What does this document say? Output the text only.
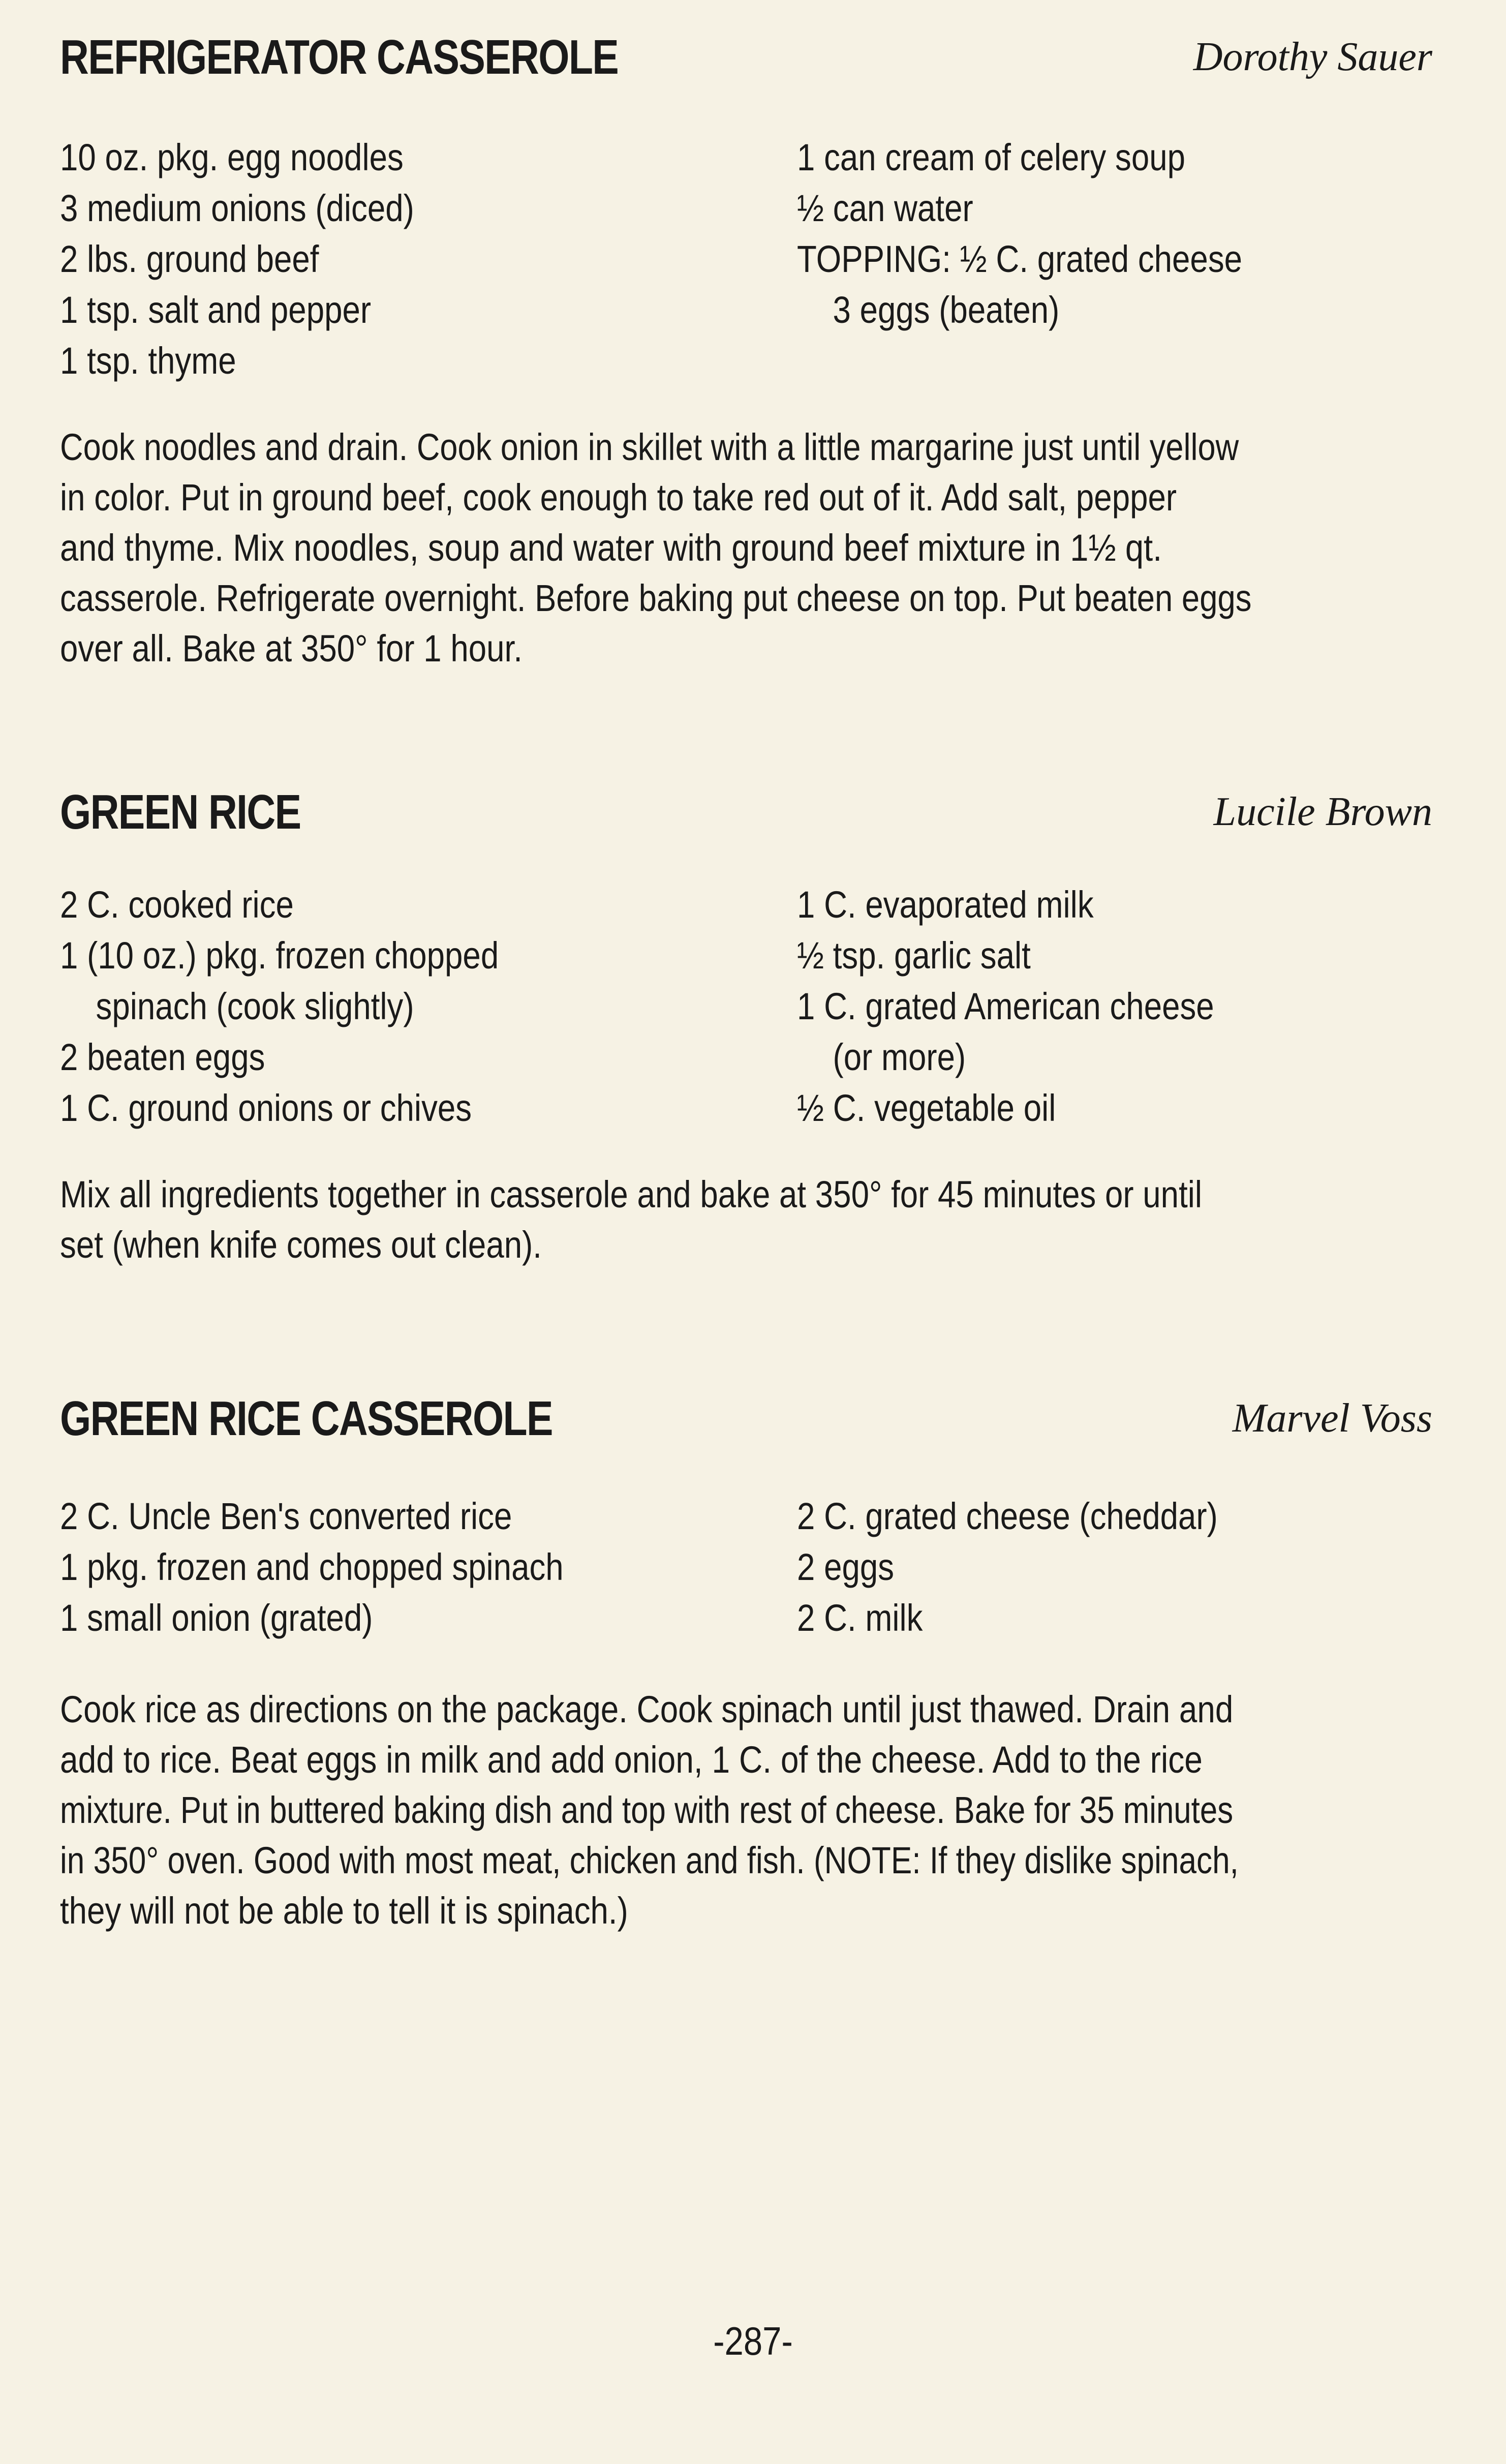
REFRIGERATOR CASSEROLE	Dorothy Sauer
10 oz. pkg. egg noodles
3 medium onions (diced)
2 lbs. ground beef
1 tsp. salt and pepper
1 tsp. thyme
1 can cream of celery soup
½ can water
TOPPING: ½ C. grated cheese
3 eggs (beaten)
Cook noodles and drain. Cook onion in skillet with a little margarine just until yellow
in color. Put in ground beef, cook enough to take red out of it. Add salt, pepper
and thyme. Mix noodles, soup and water with ground beef mixture in 1½ qt.
casserole. Refrigerate overnight. Before baking put cheese on top. Put beaten eggs
over all. Bake at 350° for 1 hour.
GREEN RICE	Lucile Brown
2 C. cooked rice
1 (10 oz.) pkg. frozen chopped
spinach (cook slightly)
2 beaten eggs
1 C. ground onions or chives
1 C. evaporated milk
½ tsp. garlic salt
1 C. grated American cheese
(or more)
½ C. vegetable oil
Mix all ingredients together in casserole and bake at 350° for 45 minutes or until
set (when knife comes out clean).
GREEN RICE CASSEROLE	Marvel Voss
2 C. Uncle Ben's converted rice
1 pkg. frozen and chopped spinach
1 small onion (grated)
2 C. grated cheese (cheddar)
2 eggs
2 C. milk
Cook rice as directions on the package. Cook spinach until just thawed. Drain and
add to rice. Beat eggs in milk and add onion, 1 C. of the cheese. Add to the rice
mixture. Put in buttered baking dish and top with rest of cheese. Bake for 35 minutes
in 350° oven. Good with most meat, chicken and fish. (NOTE: If they dislike spinach,
they will not be able to tell it is spinach.)
-287-
